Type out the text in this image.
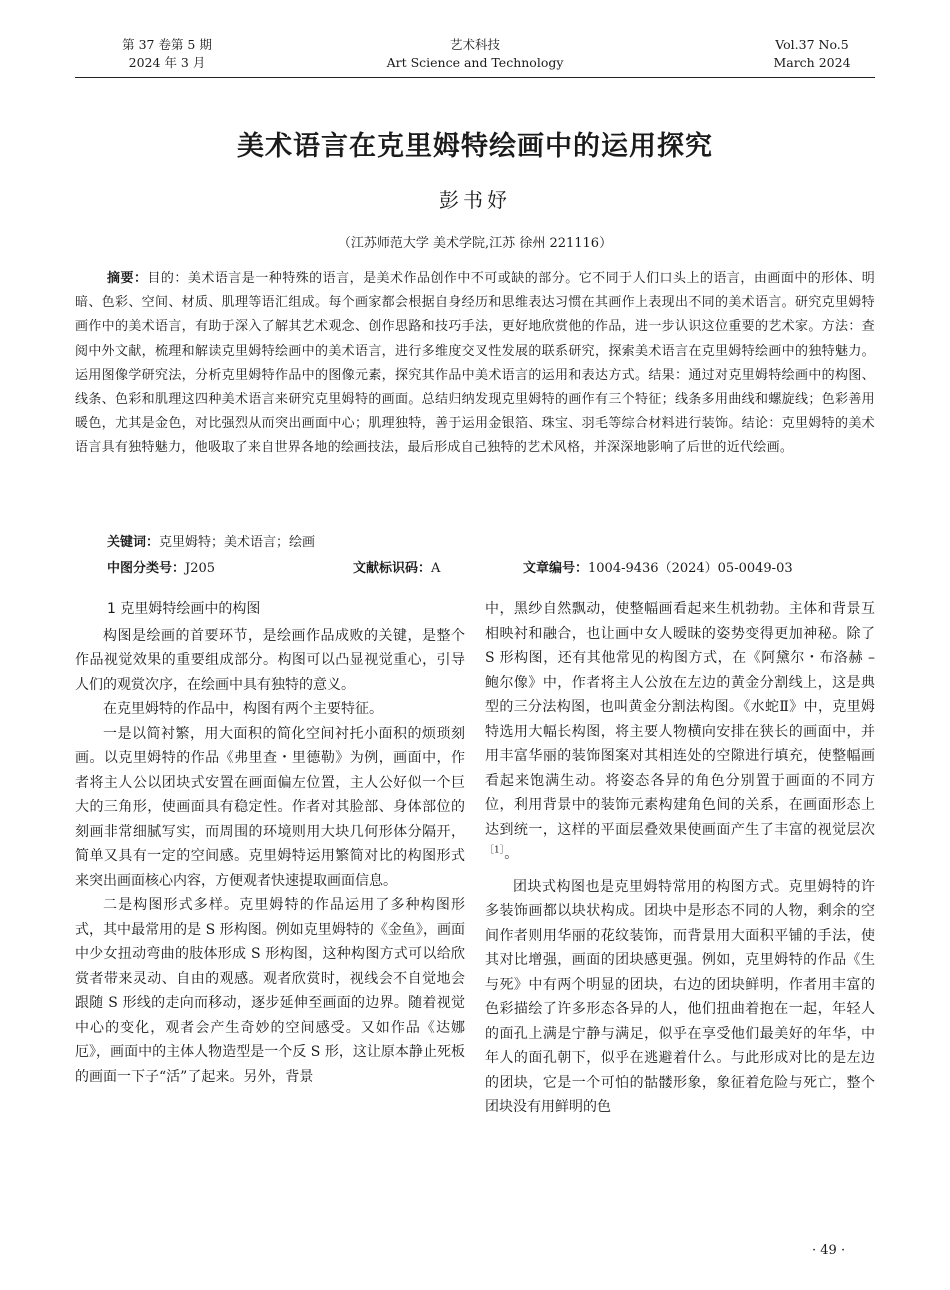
第 37 卷第 5 期
2024 年 3 月
艺术科技
Art Science and Technology
Vol.37 No.5
March 2024
美术语言在克里姆特绘画中的运用探究
彭书妤
（江苏师范大学 美术学院,江苏 徐州 221116）
摘要：目的：美术语言是一种特殊的语言，是美术作品创作中不可或缺的部分。它不同于人们口头上的语言，由画面中的形体、明暗、色彩、空间、材质、肌理等语汇组成。每个画家都会根据自身经历和思维表达习惯在其画作上表现出不同的美术语言。研究克里姆特画作中的美术语言，有助于深入了解其艺术观念、创作思路和技巧手法，更好地欣赏他的作品，进一步认识这位重要的艺术家。方法：查阅中外文献，梳理和解读克里姆特绘画中的美术语言，进行多维度交叉性发展的联系研究，探索美术语言在克里姆特绘画中的独特魅力。运用图像学研究法，分析克里姆特作品中的图像元素，探究其作品中美术语言的运用和表达方式。结果：通过对克里姆特绘画中的构图、线条、色彩和肌理这四种美术语言来研究克里姆特的画面。总结归纳发现克里姆特的画作有三个特征；线条多用曲线和螺旋线；色彩善用暖色，尤其是金色，对比强烈从而突出画面中心；肌理独特，善于运用金银箔、珠宝、羽毛等综合材料进行装饰。结论：克里姆特的美术语言具有独特魅力，他吸取了来自世界各地的绘画技法，最后形成自己独特的艺术风格，并深深地影响了后世的近代绘画。
关键词：克里姆特；美术语言；绘画
中图分类号：J205	文献标识码：A	文章编号：1004-9436（2024）05-0049-03
1 克里姆特绘画中的构图

构图是绘画的首要环节，是绘画作品成败的关键，是整个作品视觉效果的重要组成部分。构图可以凸显视觉重心，引导人们的观赏次序，在绘画中具有独特的意义。

在克里姆特的作品中，构图有两个主要特征。

一是以简衬繁，用大面积的简化空间衬托小面积的烦琐刻画。以克里姆特的作品《弗里查・里德勒》为例，画面中，作者将主人公以团块式安置在画面偏左位置，主人公好似一个巨大的三角形，使画面具有稳定性。作者对其脸部、身体部位的刻画非常细腻写实，而周围的环境则用大块几何形体分隔开，简单又具有一定的空间感。克里姆特运用繁简对比的构图形式来突出画面核心内容，方便观者快速提取画面信息。

二是构图形式多样。克里姆特的作品运用了多种构图形式，其中最常用的是 S 形构图。例如克里姆特的《金鱼》，画面中少女扭动弯曲的肢体形成 S 形构图，这种构图方式可以给欣赏者带来灵动、自由的观感。观者欣赏时，视线会不自觉地会跟随 S 形线的走向而移动，逐步延伸至画面的边界。随着视觉中心的变化，观者会产生奇妙的空间感受。又如作品《达娜厄》，画面中的主体人物造型是一个反 S 形，这让原本静止死板的画面一下子“活”了起来。另外，背景

中，黑纱自然飘动，使整幅画看起来生机勃勃。主体和背景互相映衬和融合，也让画中女人暧昧的姿势变得更加神秘。除了 S 形构图，还有其他常见的构图方式，在《阿黛尔・布洛赫 – 鲍尔像》中，作者将主人公放在左边的黄金分割线上，这是典型的三分法构图，也叫黄金分割法构图。《水蛇Ⅱ》中，克里姆特选用大幅长构图，将主要人物横向安排在狭长的画面中，并用丰富华丽的装饰图案对其相连处的空隙进行填充，使整幅画看起来饱满生动。将姿态各异的角色分别置于画面的不同方位，利用背景中的装饰元素构建角色间的关系，在画面形态上达到统一，这样的平面层叠效果使画面产生了丰富的视觉层次$^{[1]}$。

团块式构图也是克里姆特常用的构图方式。克里姆特的许多装饰画都以块状构成。团块中是形态不同的人物，剩余的空间作者则用华丽的花纹装饰，而背景用大面积平铺的手法，使其对比增强，画面的团块感更强。例如，克里姆特的作品《生与死》中有两个明显的团块，右边的团块鲜明，作者用丰富的色彩描绘了许多形态各异的人，他们扭曲着抱在一起，年轻人的面孔上满是宁静与满足，似乎在享受他们最美好的年华，中年人的面孔朝下，似乎在逃避着什么。与此形成对比的是左边的团块，它是一个可怕的骷髅形象，象征着危险与死亡，整个团块没有用鲜明的色

· 49 ·
